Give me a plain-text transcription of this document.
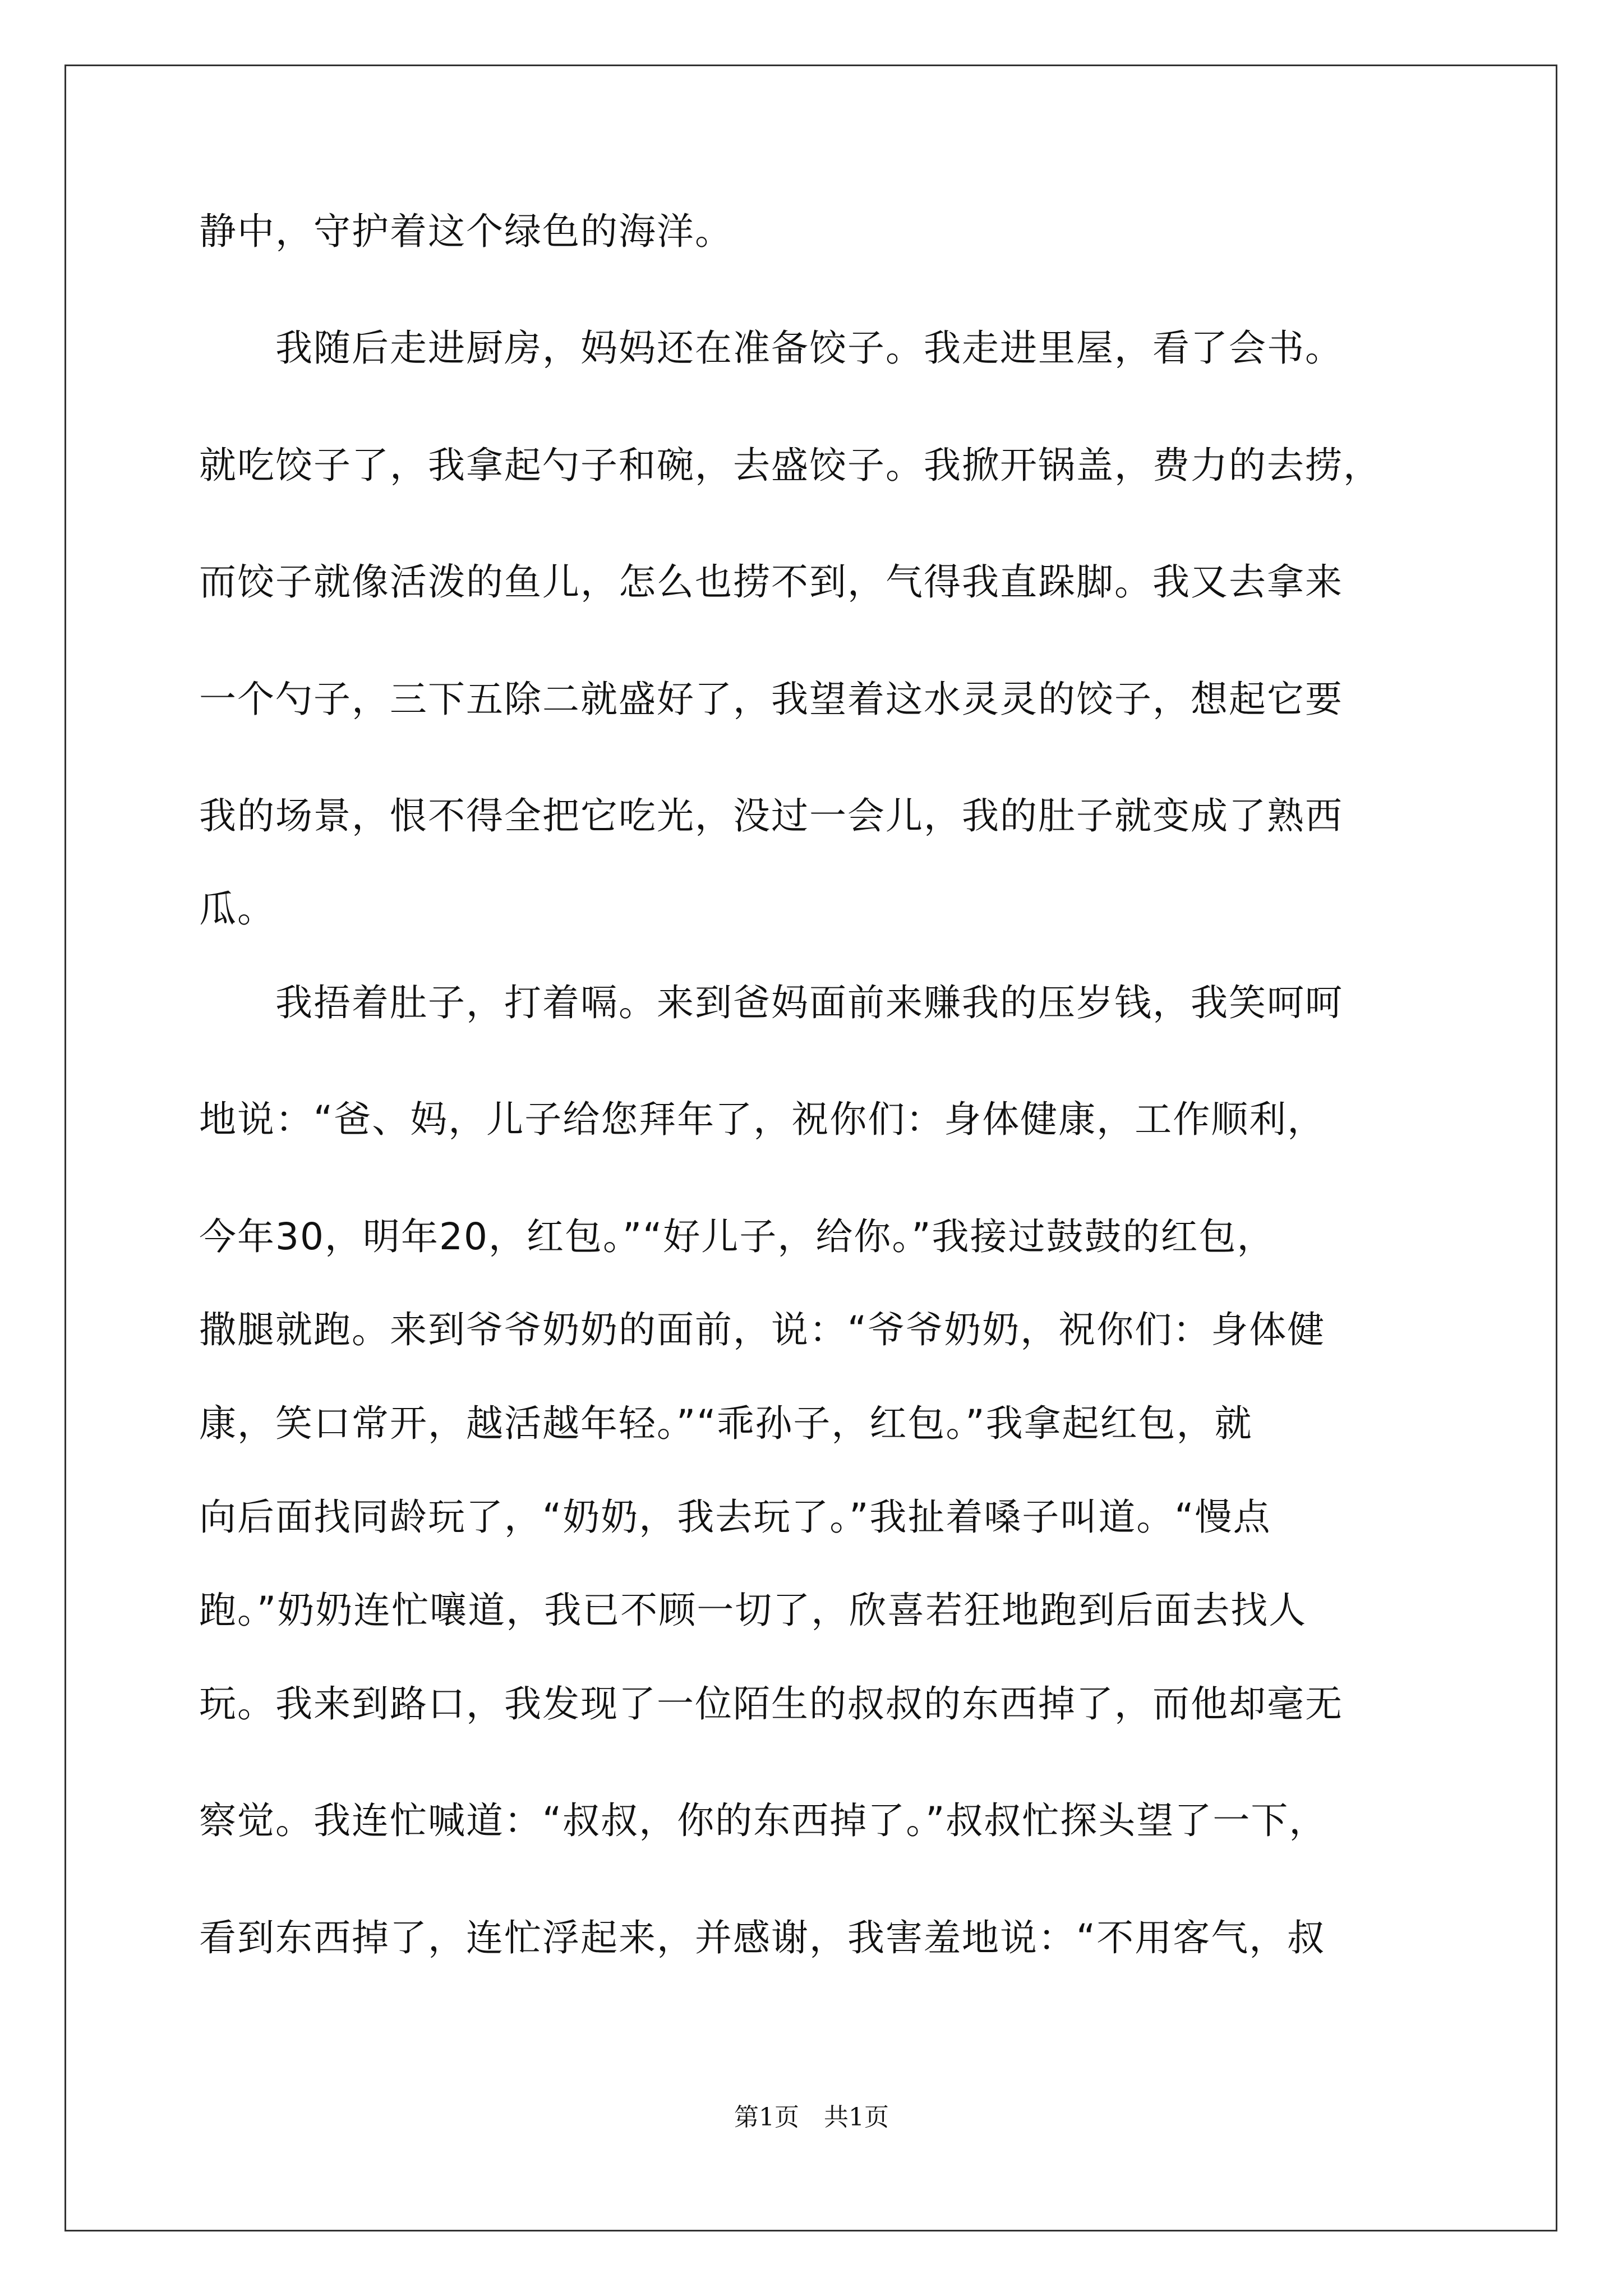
静中，守护着这个绿色的海洋。
　　我随后走进厨房，妈妈还在准备饺子。我走进里屋，看了会书。
就吃饺子了，我拿起勺子和碗，去盛饺子。我掀开锅盖，费力的去捞，
而饺子就像活泼的鱼儿，怎么也捞不到，气得我直跺脚。我又去拿来
一个勺子，三下五除二就盛好了，我望着这水灵灵的饺子，想起它要
我的场景，恨不得全把它吃光，没过一会儿，我的肚子就变成了熟西
瓜。
　　我捂着肚子，打着嗝。来到爸妈面前来赚我的压岁钱，我笑呵呵
地说：“爸、妈，儿子给您拜年了，祝你们：身体健康，工作顺利，
今年30，明年20，红包。”“好儿子，给你。”我接过鼓鼓的红包，
撒腿就跑。来到爷爷奶奶的面前，说：“爷爷奶奶，祝你们：身体健
康，笑口常开，越活越年轻。”“乖孙子，红包。”我拿起红包，就
向后面找同龄玩了，“奶奶，我去玩了。”我扯着嗓子叫道。“慢点
跑。”奶奶连忙嚷道，我已不顾一切了，欣喜若狂地跑到后面去找人
玩。我来到路口，我发现了一位陌生的叔叔的东西掉了，而他却毫无
察觉。我连忙喊道：“叔叔，你的东西掉了。”叔叔忙探头望了一下，
看到东西掉了，连忙浮起来，并感谢，我害羞地说：“不用客气，叔
第1页　共1页
